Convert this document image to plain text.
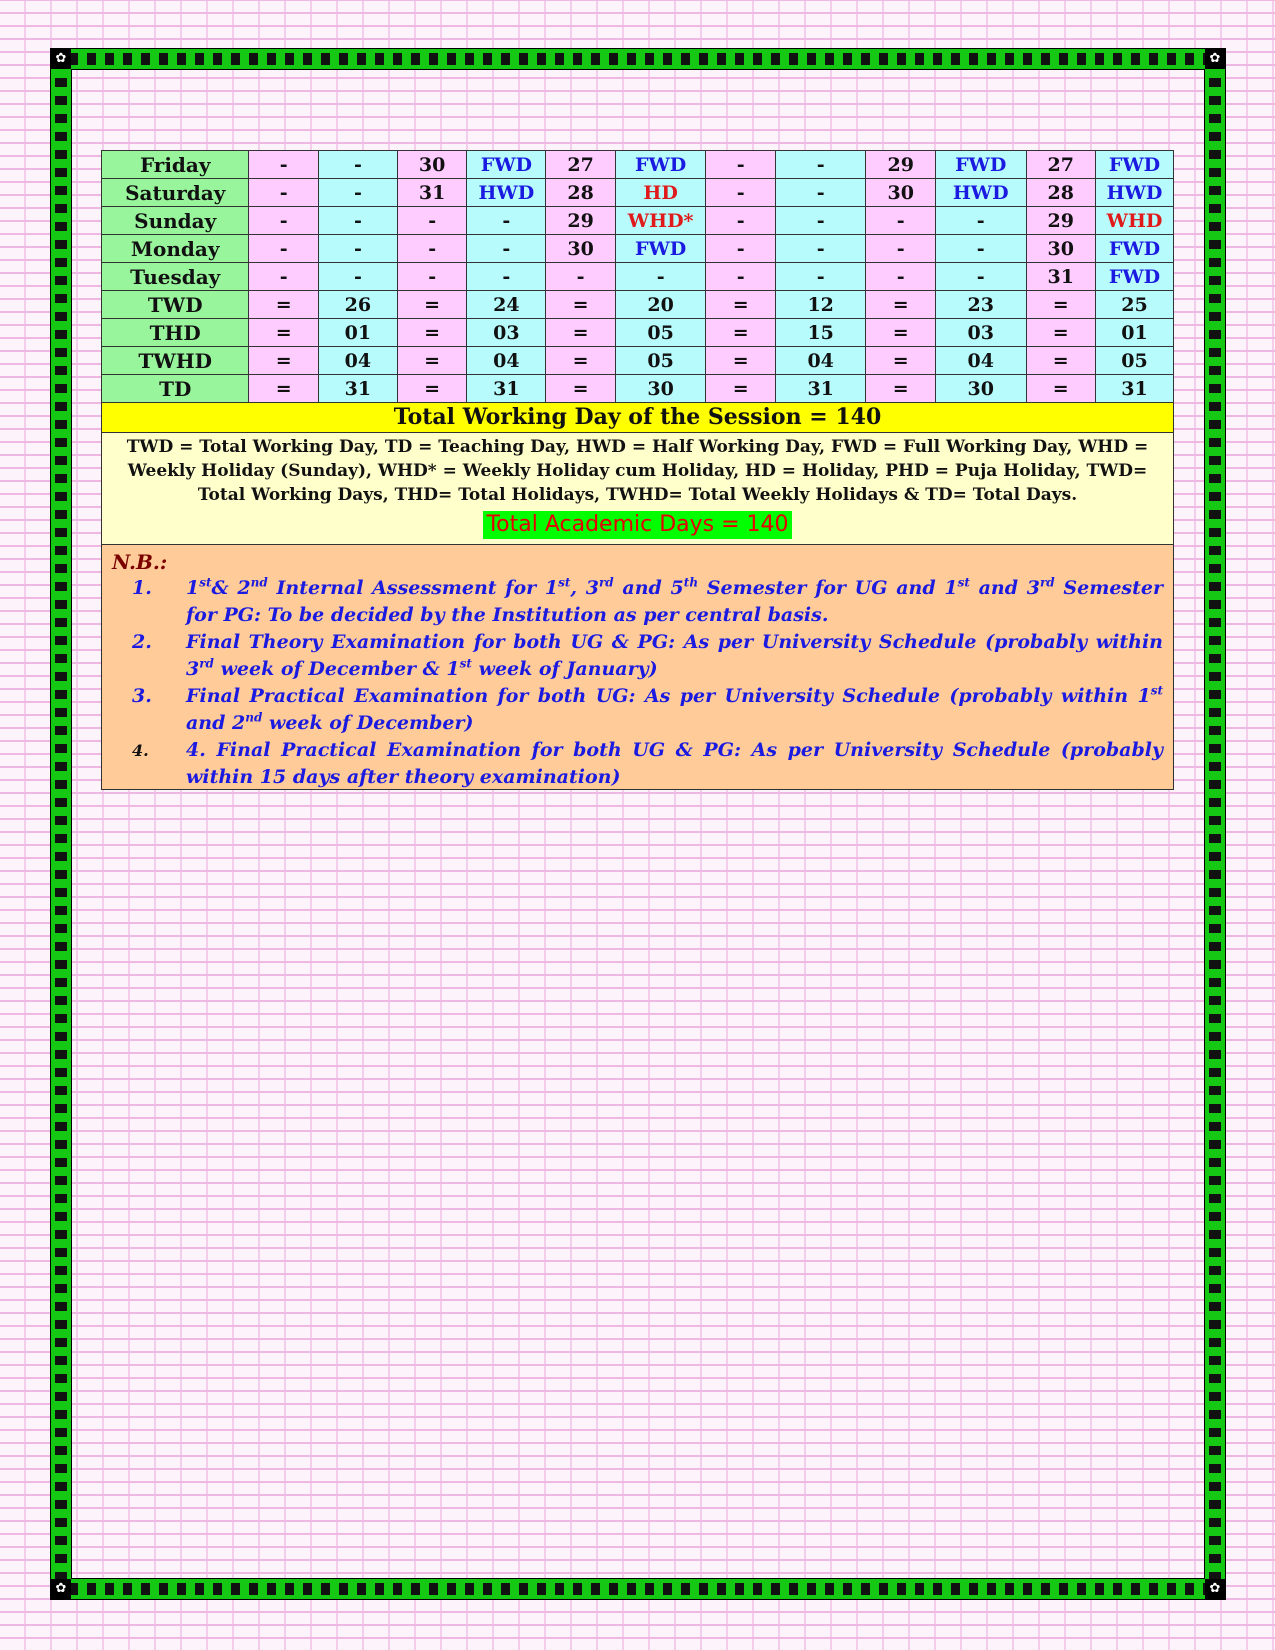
✿	✿
✿	✿
Friday	-	-	30	FWD	27	FWD	-	-	29	FWD	27	FWD
Saturday	-	-	31	HWD	28	HD	-	-	30	HWD	28	HWD
Sunday	-	-	-	-	29	WHD*	-	-	-	-	29	WHD
Monday	-	-	-	-	30	FWD	-	-	-	-	30	FWD
Tuesday	-	-	-	-	-	-	-	-	-	-	31	FWD
TWD	=	26	=	24	=	20	=	12	=	23	=	25
THD	=	01	=	03	=	05	=	15	=	03	=	01
TWHD	=	04	=	04	=	05	=	04	=	04	=	05
TD	=	31	=	31	=	30	=	31	=	30	=	31
Total Working Day of the Session = 140
TWD = Total Working Day, TD = Teaching Day, HWD = Half Working Day, FWD = Full Working Day, WHD = Weekly Holiday (Sunday), WHD* = Weekly Holiday cum Holiday, HD = Holiday, PHD = Puja Holiday, TWD= Total Working Days, THD= Total Holidays, TWHD= Total Weekly Holidays & TD= Total Days.
Total Academic Days = 140
N.B.:
1.	1st& 2nd Internal Assessment for 1st, 3rd and 5th Semester for UG and 1st and 3rd Semester for PG: To be decided by the Institution as per central basis.
2.	Final Theory Examination for both UG & PG: As per University Schedule (probably within 3rd week of December & 1st week of January)
3.	Final Practical Examination for both UG: As per University Schedule (probably within 1st and 2nd week of December)
4.	4. Final Practical Examination for both UG & PG: As per University Schedule (probably within 15 days after theory examination)
